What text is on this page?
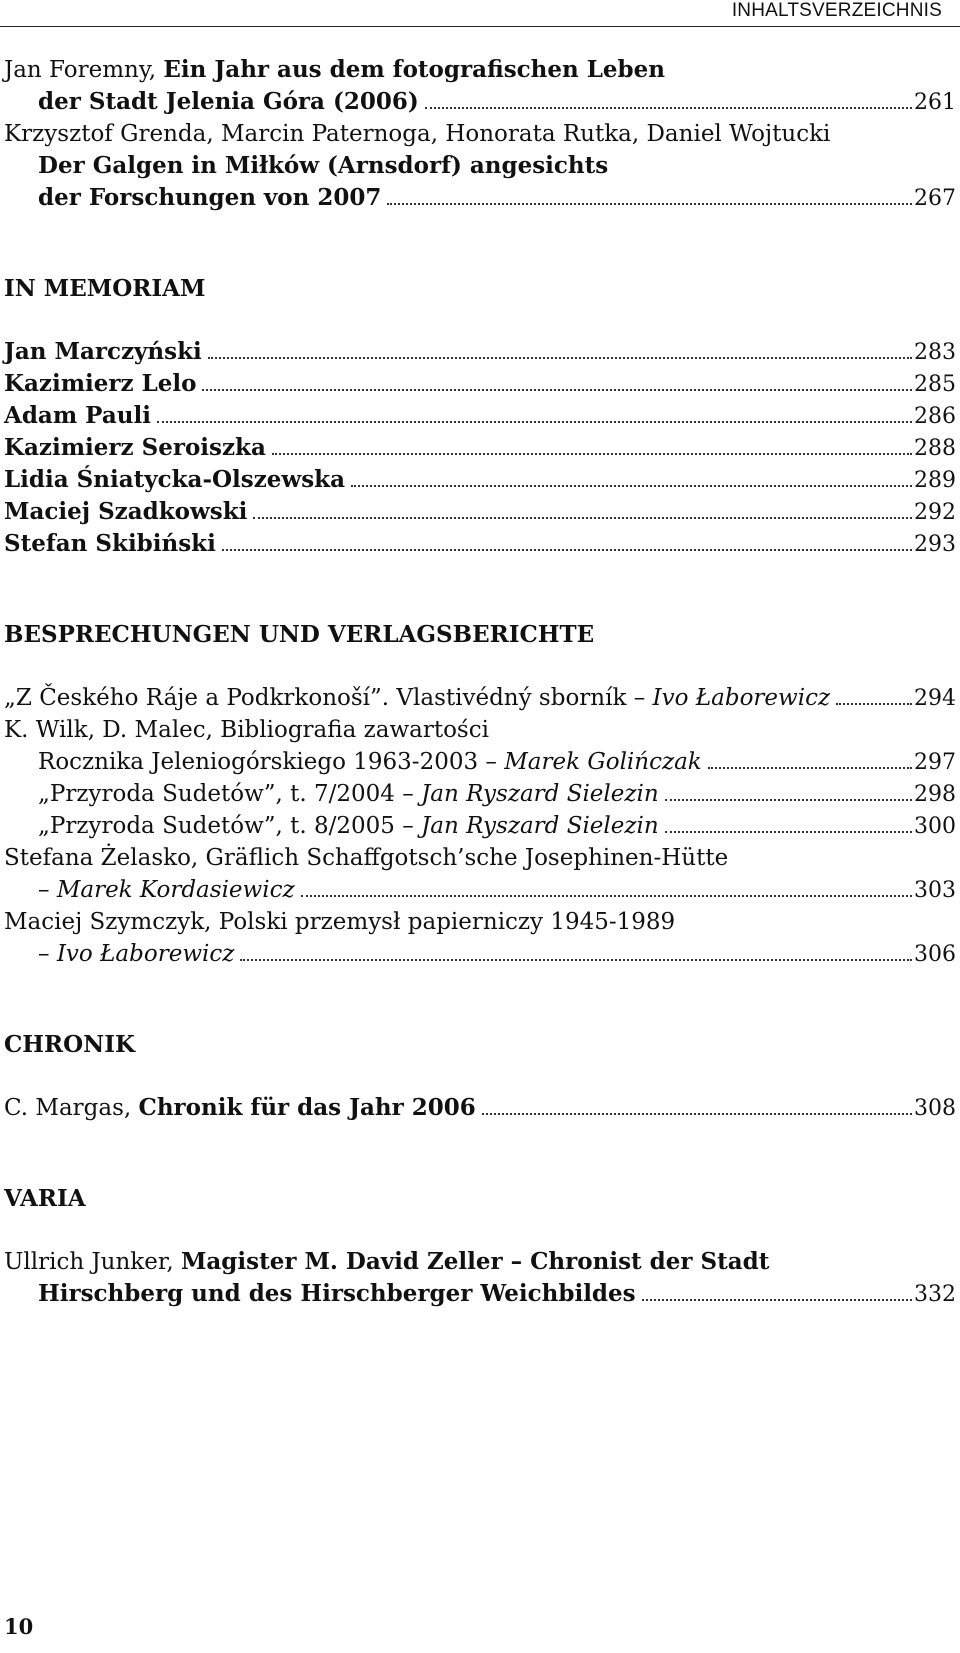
INHALTSVERZEICHNIS
Jan Foremny, Ein Jahr aus dem fotografischen Leben
der Stadt Jelenia Góra (2006)	261
Krzysztof Grenda, Marcin Paternoga, Honorata Rutka, Daniel Wojtucki
Der Galgen in Miłków (Arnsdorf) angesichts
der Forschungen von 2007	267
IN MEMORIAM
Jan Marczyński	283
Kazimierz Lelo	285
Adam Pauli	286
Kazimierz Seroiszka	288
Lidia Śniatycka-Olszewska	289
Maciej Szadkowski	292
Stefan Skibiński	293
BESPRECHUNGEN UND VERLAGSBERICHTE
„Z Českého Ráje a Podkrkonoší”. Vlastivédný sborník – Ivo Łaborewicz	294
K. Wilk, D. Malec, Bibliografia zawartości
Rocznika Jeleniogórskiego 1963-2003 – Marek Golińczak	297
„Przyroda Sudetów”, t. 7/2004 – Jan Ryszard Sielezin	298
„Przyroda Sudetów”, t. 8/2005 – Jan Ryszard Sielezin	300
Stefana Żelasko, Gräflich Schaffgotsch’sche Josephinen-Hütte
– Marek Kordasiewicz	303
Maciej Szymczyk, Polski przemysł papierniczy 1945-1989
– Ivo Łaborewicz	306
CHRONIK
C. Margas, Chronik für das Jahr 2006	308
VARIA
Ullrich Junker, Magister M. David Zeller – Chronist der Stadt
Hirschberg und des Hirschberger Weichbildes	332
10
